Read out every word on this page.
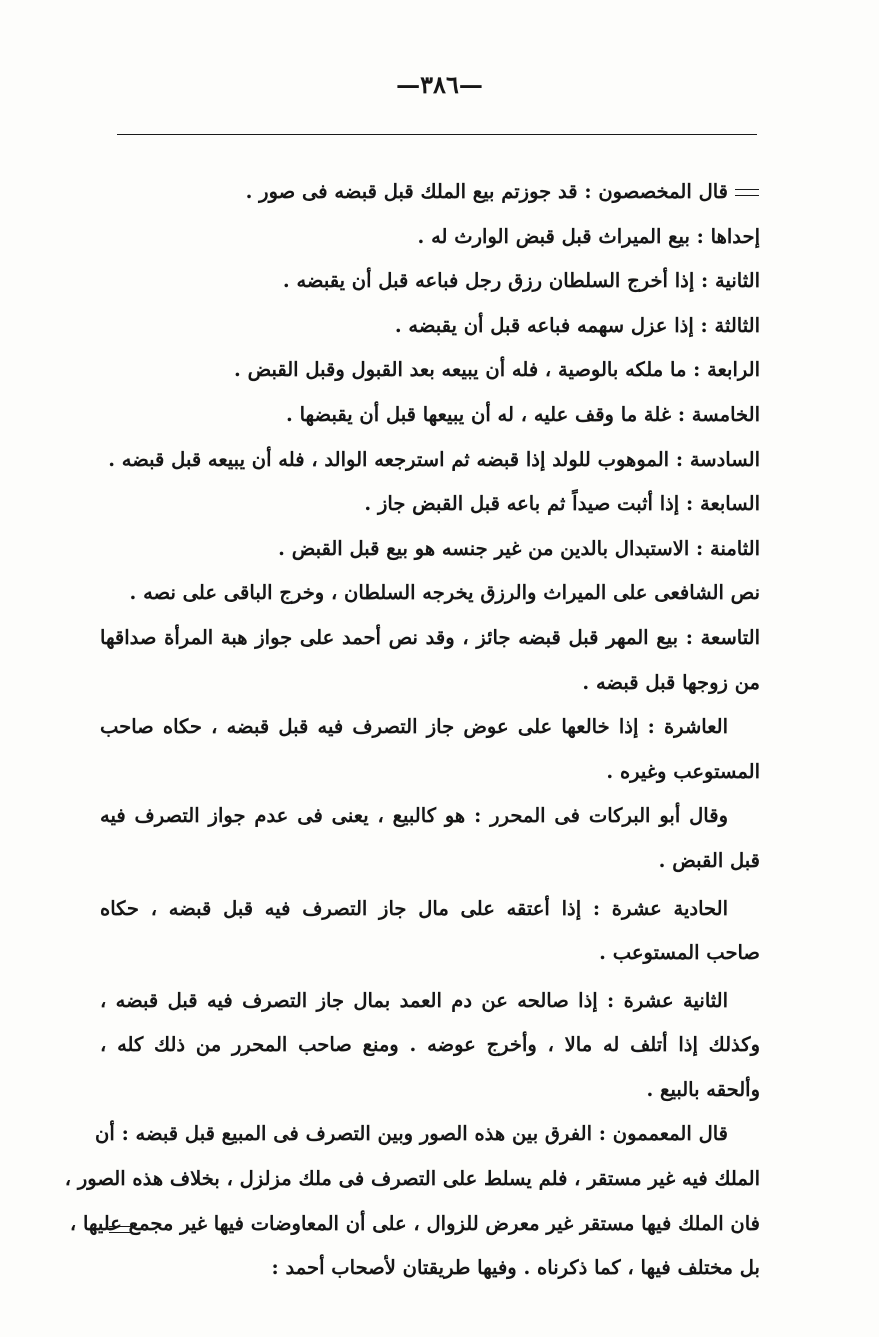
—٣٨٦—
قال المخصصون : قد جوزتم بيع الملك قبل قبضه فى صور .
إحداها : بيع الميراث قبل قبض الوارث له .
الثانية : إذا أخرج السلطان رزق رجل فباعه قبل أن يقبضه .
الثالثة : إذا عزل سهمه فباعه قبل أن يقبضه .
الرابعة : ما ملكه بالوصية ، فله أن يبيعه بعد القبول وقبل القبض .
الخامسة : غلة ما وقف عليه ، له أن يبيعها قبل أن يقبضها .
السادسة : الموهوب للولد إذا قبضه ثم استرجعه الوالد ، فله أن يبيعه قبل قبضه .
السابعة : إذا أثبت صيداً ثم باعه قبل القبض جاز .
الثامنة : الاستبدال بالدين من غير جنسه هو بيع قبل القبض .
نص الشافعى على الميراث والرزق يخرجه السلطان ، وخرج الباقى على نصه .
التاسعة : بيع المهر قبل قبضه جائز ، وقد نص أحمد على جواز هبة المرأة صداقها
من زوجها قبل قبضه .
العاشرة : إذا خالعها على عوض جاز التصرف فيه قبل قبضه ، حكاه صاحب
المستوعب وغيره .
وقال أبو البركات فى المحرر : هو كالبيع ، يعنى فى عدم جواز التصرف فيه
قبل القبض .
الحادية عشرة : إذا أعتقه على مال جاز التصرف فيه قبل قبضه ، حكاه
صاحب المستوعب .
الثانية عشرة : إذا صالحه عن دم العمد بمال جاز التصرف فيه قبل قبضه ،
وكذلك إذا أتلف له مالا ، وأخرج عوضه . ومنع صاحب المحرر من ذلك كله ،
وألحقه بالبيع .
قال المعممون : الفرق بين هذه الصور وبين التصرف فى المبيع قبل قبضه : أن
الملك فيه غير مستقر ، فلم يسلط على التصرف فى ملك مزلزل ، بخلاف هذه الصور ،
فان الملك فيها مستقر غير معرض للزوال ، على أن المعاوضات فيها غير مجمع عليها ،
بل مختلف فيها ، كما ذكرناه . وفيها طريقتان لأصحاب أحمد :
